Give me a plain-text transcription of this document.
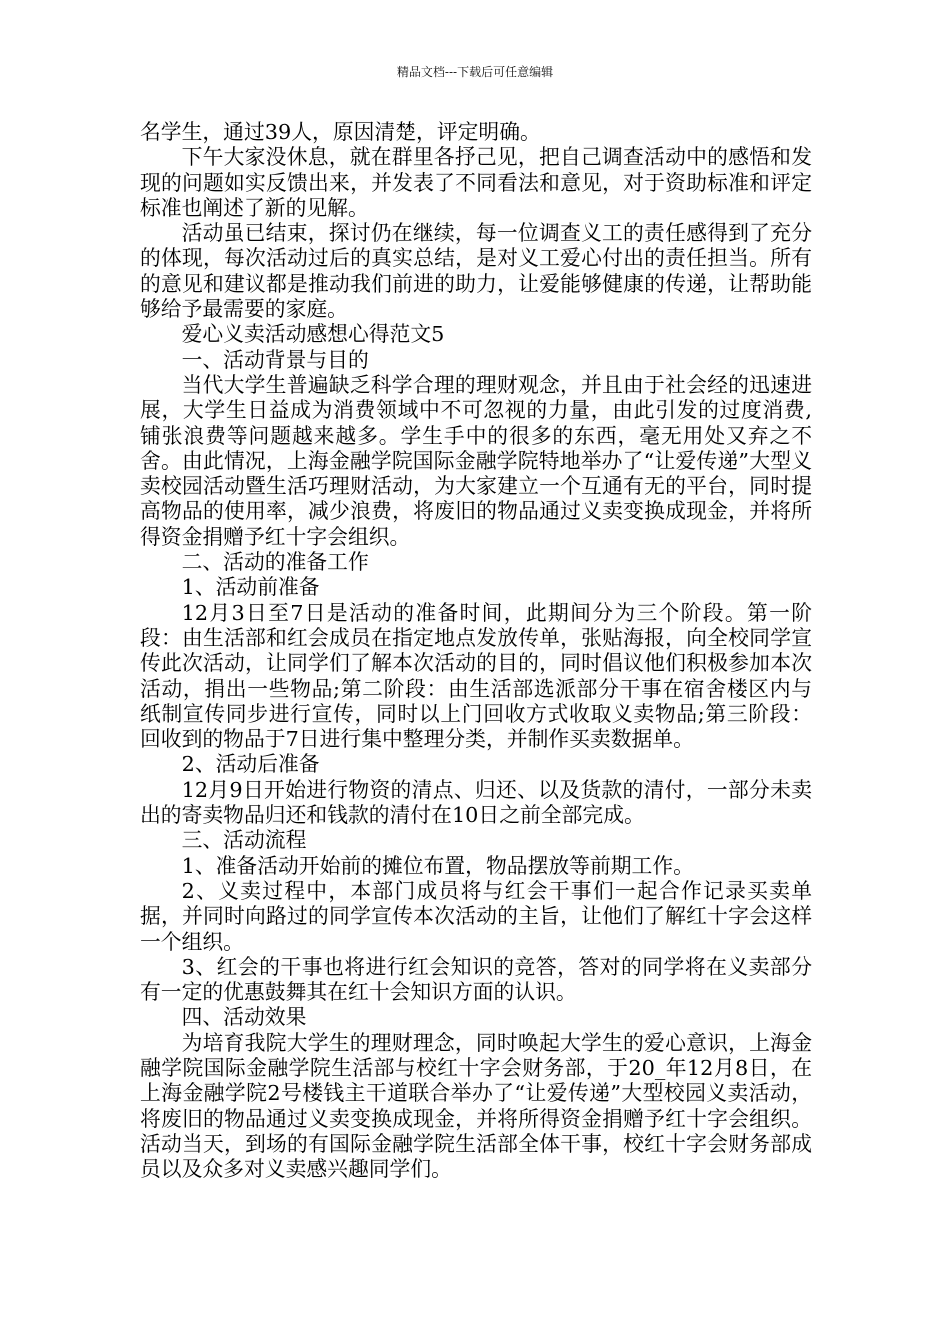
精品文档---下载后可任意编辑

名学生，通过39人，原因清楚，评定明确。

下午大家没休息，就在群里各抒己见，把自己调查活动中的感悟和发现的问题如实反馈出来，并发表了不同看法和意见，对于资助标准和评定标准也阐述了新的见解。

活动虽已结束，探讨仍在继续，每一位调查义工的责任感得到了充分的体现，每次活动过后的真实总结，是对义工爱心付出的责任担当。所有的意见和建议都是推动我们前进的助力，让爱能够健康的传递，让帮助能够给予最需要的家庭。

爱心义卖活动感想心得范文5

一、活动背景与目的

当代大学生普遍缺乏科学合理的理财观念，并且由于社会经的迅速进展，大学生日益成为消费领域中不可忽视的力量，由此引发的过度消费,铺张浪费等问题越来越多。学生手中的很多的东西，毫无用处又弃之不舍。由此情况，上海金融学院国际金融学院特地举办了“让爱传递”大型义卖校园活动暨生活巧理财活动，为大家建立一个互通有无的平台，同时提高物品的使用率，减少浪费，将废旧的物品通过义卖变换成现金，并将所得资金捐赠予红十字会组织。

二、活动的准备工作

1、活动前准备

12月3日至7日是活动的准备时间，此期间分为三个阶段。第一阶段：由生活部和红会成员在指定地点发放传单，张贴海报，向全校同学宣传此次活动，让同学们了解本次活动的目的，同时倡议他们积极参加本次活动，捐出一些物品;第二阶段：由生活部选派部分干事在宿舍楼区内与纸制宣传同步进行宣传，同时以上门回收方式收取义卖物品;第三阶段：回收到的物品于7日进行集中整理分类，并制作买卖数据单。

2、活动后准备

12月9日开始进行物资的清点、归还、以及货款的清付，一部分未卖出的寄卖物品归还和钱款的清付在10日之前全部完成。

三、活动流程

1、准备活动开始前的摊位布置，物品摆放等前期工作。

2、义卖过程中，本部门成员将与红会干事们一起合作记录买卖单据，并同时向路过的同学宣传本次活动的主旨，让他们了解红十字会这样一个组织。

3、红会的干事也将进行红会知识的竞答，答对的同学将在义卖部分有一定的优惠鼓舞其在红十会知识方面的认识。

四、活动效果

为培育我院大学生的理财理念，同时唤起大学生的爱心意识，上海金融学院国际金融学院生活部与校红十字会财务部，于20_年12月8日，在上海金融学院2号楼钱主干道联合举办了“让爱传递”大型校园义卖活动，将废旧的物品通过义卖变换成现金，并将所得资金捐赠予红十字会组织。活动当天，到场的有国际金融学院生活部全体干事，校红十字会财务部成员以及众多对义卖感兴趣同学们。
